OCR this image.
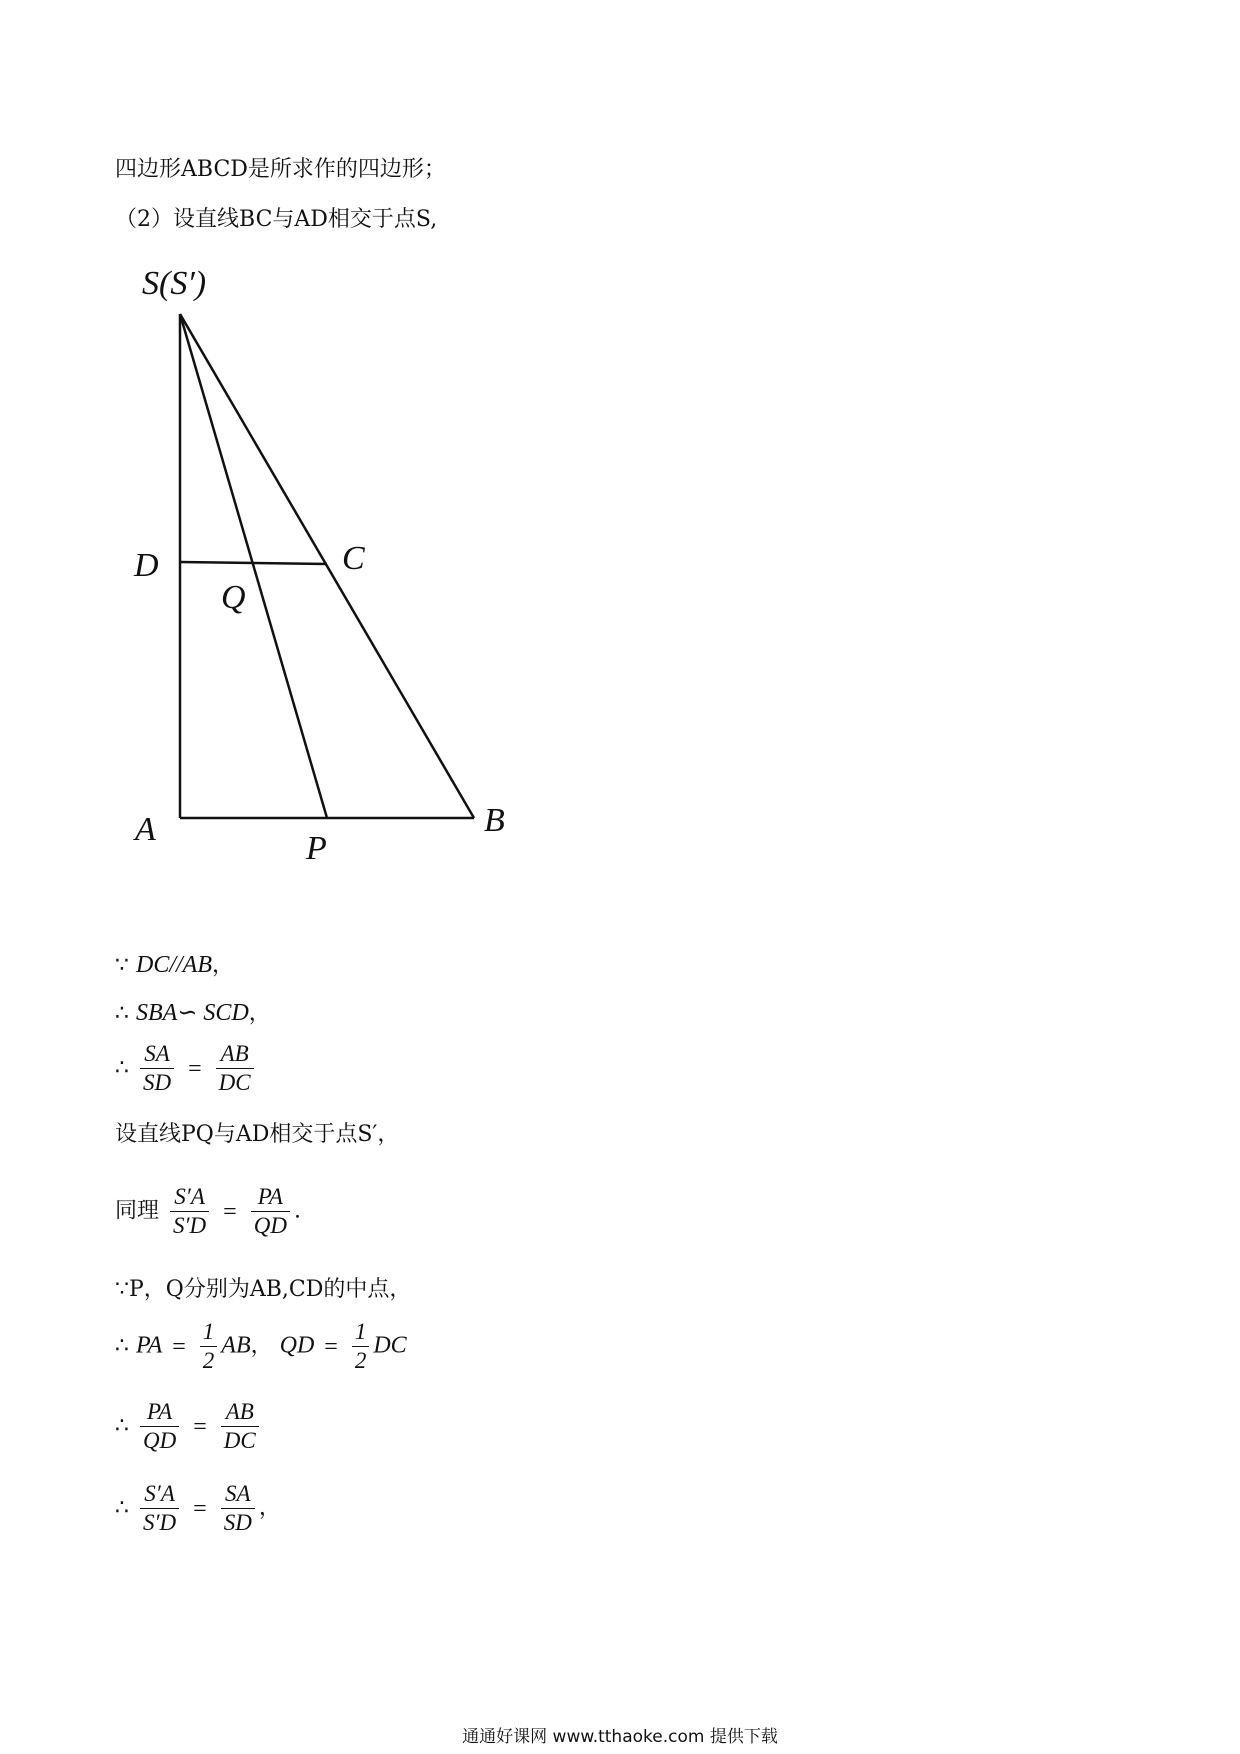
四边形ABCD是所求作的四边形；
（2）设直线BC与AD相交于点S,
S(S′)
D	C
Q
A
P
B
∵ DC//AB，
∴ SBA∽ SCD，
∴ $\frac{SA}{SD} = \frac{AB}{DC}$
设直线PQ与AD相交于点S′，
同理 $\frac{S'A}{S'D} = \frac{PA}{QD}$ .
∵P，Q分别为AB,CD的中点，
∴ PA = $\frac{1}{2}$ AB， QD = $\frac{1}{2}$ DC
∴ $\frac{PA}{QD} = \frac{AB}{DC}$
∴ $\frac{S'A}{S'D} = \frac{SA}{SD}$ ，
通通好课网 www.tthaoke.com 提供下载
